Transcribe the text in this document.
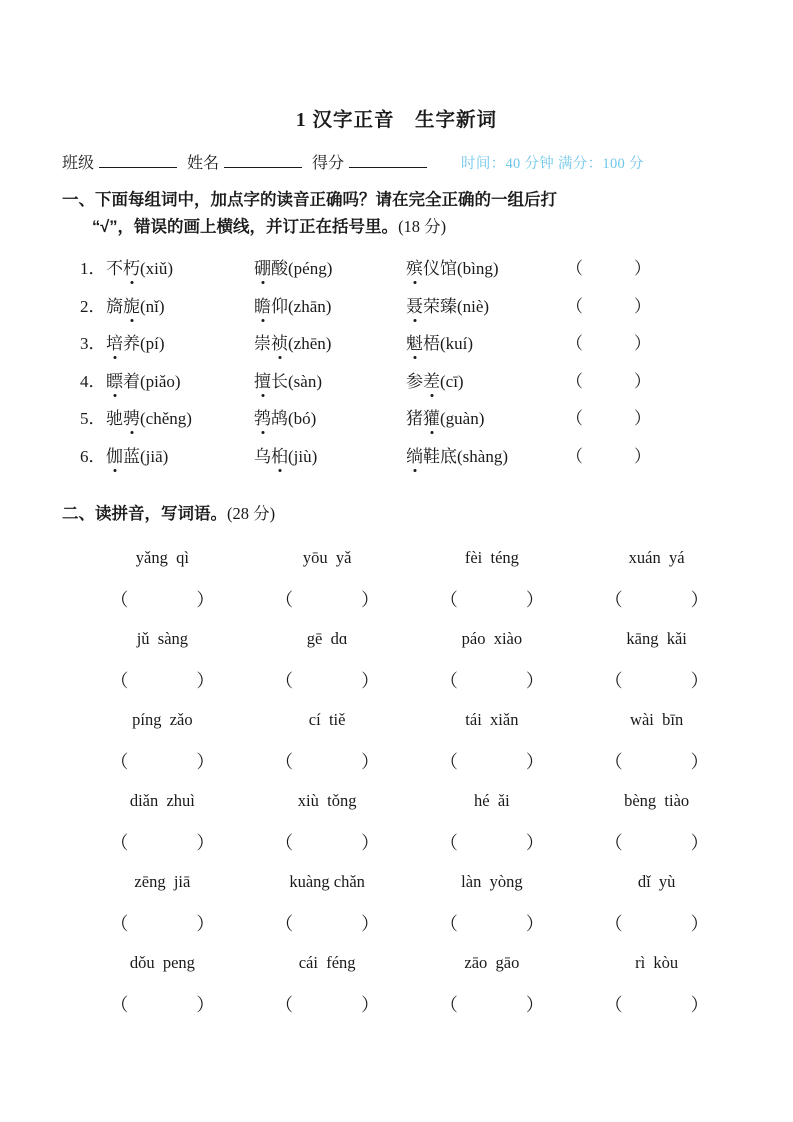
1 汉字正音　生字新词
班级	姓名	得分	时间：40 分钟 满分：100 分
一、下面每组词中，加点字的读音正确吗？请在完全正确的一组后打
“√”，错误的画上横线，并订正在括号里。(18 分)
1． 不朽(xiǔ)	硼酸(péng)	殡仪馆(bìng)	（            ）
2． 旖旎(nǐ)	瞻仰(zhān)	聂荣臻(niè)	（            ）
3． 培养(pí)	崇祯(zhēn)	魁梧(kuí)	（            ）
4． 瞟着(piǎo)	擅长(sàn)	参差(cī)	（            ）
5． 驰骋(chěng)	鹁鸪(bó)	猪獾(guàn)	（            ）
6． 伽蓝(jiā)	乌桕(jiù)	绱鞋底(shàng)	（            ）
二、读拼音，写词语。(28 分)
yǎng  qì	yōu  yǎ	fèi  téng	xuán  yá
（	）	（	）	（	）	（	）
jǔ  sàng	gē  dɑ	páo  xiào	kāng  kǎi
（	）	（	）	（	）	（	）
píng  zǎo	cí  tiě	tái  xiǎn	wài  bīn
（	）	（	）	（	）	（	）
diǎn  zhuì	xiù  tǒng	hé  ǎi	bèng  tiào
（	）	（	）	（	）	（	）
zēng  jiā	kuàng chǎn	làn  yòng	dǐ  yù
（	）	（	）	（	）	（	）
dǒu  peng	cái  féng	zāo  gāo	rì  kòu
（	）	（	）	（	）	（	）
